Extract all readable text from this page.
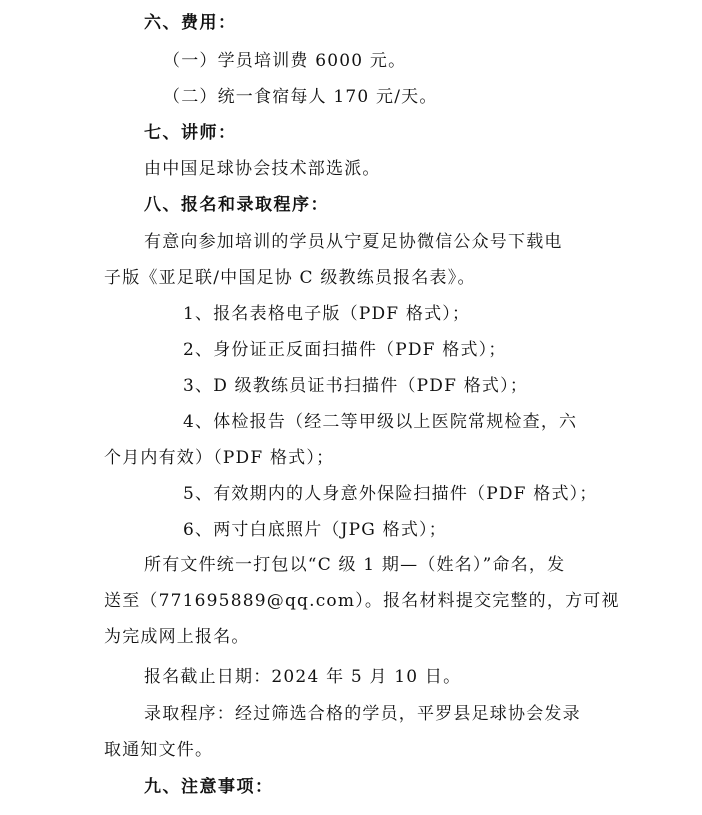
六、费用：
（一）学员培训费 6000 元。
（二）统一食宿每人 170 元/天。
七、讲师：
由中国足球协会技术部选派。
八、报名和录取程序：
有意向参加培训的学员从宁夏足协微信公众号下载电
子版《亚足联/中国足协 C 级教练员报名表》。
1、报名表格电子版（PDF 格式）；
2、身份证正反面扫描件（PDF 格式）；
3、D 级教练员证书扫描件（PDF 格式）；
4、体检报告（经二等甲级以上医院常规检查，六
个月内有效）（PDF 格式）；
5、有效期内的人身意外保险扫描件（PDF 格式）；
6、两寸白底照片（JPG 格式）；
所有文件统一打包以“C 级 1 期—（姓名）”命名，发
送至（771695889@qq.com）。报名材料提交完整的，方可视
为完成网上报名。
报名截止日期：2024 年 5 月 10 日。
录取程序：经过筛选合格的学员，平罗县足球协会发录
取通知文件。
九、注意事项：
